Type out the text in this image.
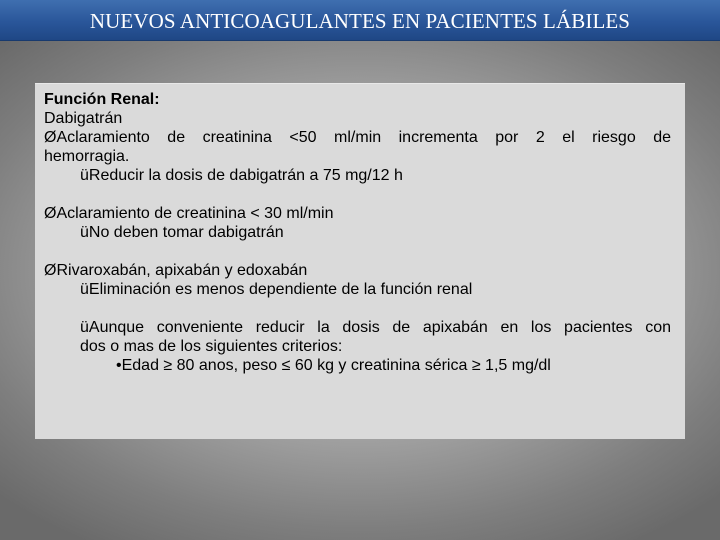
NUEVOS ANTICOAGULANTES EN PACIENTES LÁBILES
Función Renal:
Dabigatrán
ØAclaramiento de creatinina <50 ml/min incrementa por 2 el riesgo de
hemorragia.
üReducir la dosis de dabigatrán a 75 mg/12 h
ØAclaramiento de creatinina < 30 ml/min
üNo deben tomar dabigatrán
ØRivaroxabán, apixabán y edoxabán
üEliminación es menos dependiente de la función renal
üAunque conveniente reducir la dosis de apixabán en los pacientes con
dos o mas de los siguientes criterios:
•Edad ≥ 80 anos, peso ≤ 60 kg y creatinina sérica ≥ 1,5 mg/dl
